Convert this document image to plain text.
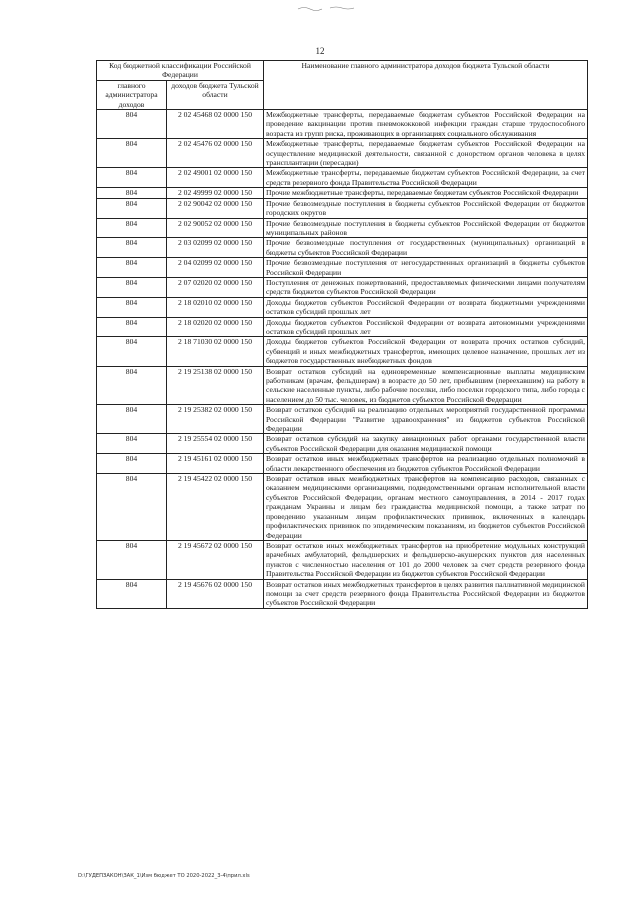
12
Код бюджетной классификации Российской Федерации		Наименование главного администратора доходов бюджета Тульской области
главного администратора доходов	доходов бюджета Тульской области	
804	2 02 45468 02 0000 150	Межбюджетные трансферты, передаваемые бюджетам субъектов Российской Федерации на проведение вакцинации против пневмококковой инфекции граждан старше трудоспособного возраста из групп риска, проживающих в организациях социального обслуживания
804	2 02 45476 02 0000 150	Межбюджетные трансферты, передаваемые бюджетам субъектов Российской Федерации на осуществление медицинской деятельности, связанной с донорством органов человека в целях трансплантации (пересадки)
804	2 02 49001 02 0000 150	Межбюджетные трансферты, передаваемые бюджетам субъектов Российской Федерации, за счет средств резервного фонда Правительства Российской Федерации
804	2 02 49999 02 0000 150	Прочие межбюджетные трансферты, передаваемые бюджетам субъектов Российской Федерации
804	2 02 90042 02 0000 150	Прочие безвозмездные поступления в бюджеты субъектов Российской Федерации от бюджетов городских округов
804	2 02 90052 02 0000 150	Прочие безвозмездные поступления в бюджеты субъектов Российской Федерации от бюджетов муниципальных районов
804	2 03 02099 02 0000 150	Прочие безвозмездные поступления от государственных (муниципальных) организаций в бюджеты субъектов Российской Федерации
804	2 04 02099 02 0000 150	Прочие безвозмездные поступления от негосударственных организаций в бюджеты субъектов Российской Федерации
804	2 07 02020 02 0000 150	Поступления от денежных пожертвований, предоставляемых физическими лицами получателям средств бюджетов субъектов Российской Федерации
804	2 18 02010 02 0000 150	Доходы бюджетов субъектов Российской Федерации от возврата бюджетными учреждениями остатков субсидий прошлых лет
804	2 18 02020 02 0000 150	Доходы бюджетов субъектов Российской Федерации от возврата автономными учреждениями остатков субсидий прошлых лет
804	2 18 71030 02 0000 150	Доходы бюджетов субъектов Российской Федерации от возврата прочих остатков субсидий, субвенций и иных межбюджетных трансфертов, имеющих целевое назначение, прошлых лет из бюджетов государственных внебюджетных фондов
804	2 19 25138 02 0000 150	Возврат остатков субсидий на единовременные компенсационные выплаты медицинским работникам (врачам, фельдшерам) в возрасте до 50 лет, прибывшим (переехавшим) на работу в сельские населенные пункты, либо рабочие поселки, либо поселки городского типа, либо города с населением до 50 тыс. человек, из бюджетов субъектов Российской Федерации
804	2 19 25382 02 0000 150	Возврат остатков субсидий на реализацию отдельных мероприятий государственной программы Российской Федерации "Развитие здравоохранения" из бюджетов субъектов Российской Федерации
804	2 19 25554 02 0000 150	Возврат остатков субсидий на закупку авиационных работ органами государственной власти субъектов Российской Федерации для оказания медицинской помощи
804	2 19 45161 02 0000 150	Возврат остатков иных межбюджетных трансфертов на реализацию отдельных полномочий в области лекарственного обеспечения из бюджетов субъектов Российской Федерации
804	2 19 45422 02 0000 150	Возврат остатков иных межбюджетных трансфертов на компенсацию расходов, связанных с оказанием медицинскими организациями, подведомственными органам исполнительной власти субъектов Российской Федерации, органам местного самоуправления, в 2014 - 2017 годах гражданам Украины и лицам без гражданства медицинской помощи, а также затрат по проведению указанным лицам профилактических прививок, включенных в календарь профилактических прививок по эпидемическим показаниям, из бюджетов субъектов Российской Федерации
804	2 19 45672 02 0000 150	Возврат остатков иных межбюджетных трансфертов на приобретение модульных конструкций врачебных амбулаторий, фельдшерских и фельдшерско-акушерских пунктов для населенных пунктов с численностью населения от 101 до 2000 человек за счет средств резервного фонда Правительства Российской Федерации из бюджетов субъектов Российской Федерации
804	2 19 45676 02 0000 150	Возврат остатков иных межбюджетных трансфертов в целях развития паллиативной медицинской помощи за счет средств резервного фонда Правительства Российской Федерации из бюджетов субъектов Российской Федерации
D:\ГУДЕПЗАКОН\ЗАК_1\Изм бюджет ТО 2020-2022_3-4\прил.xls
